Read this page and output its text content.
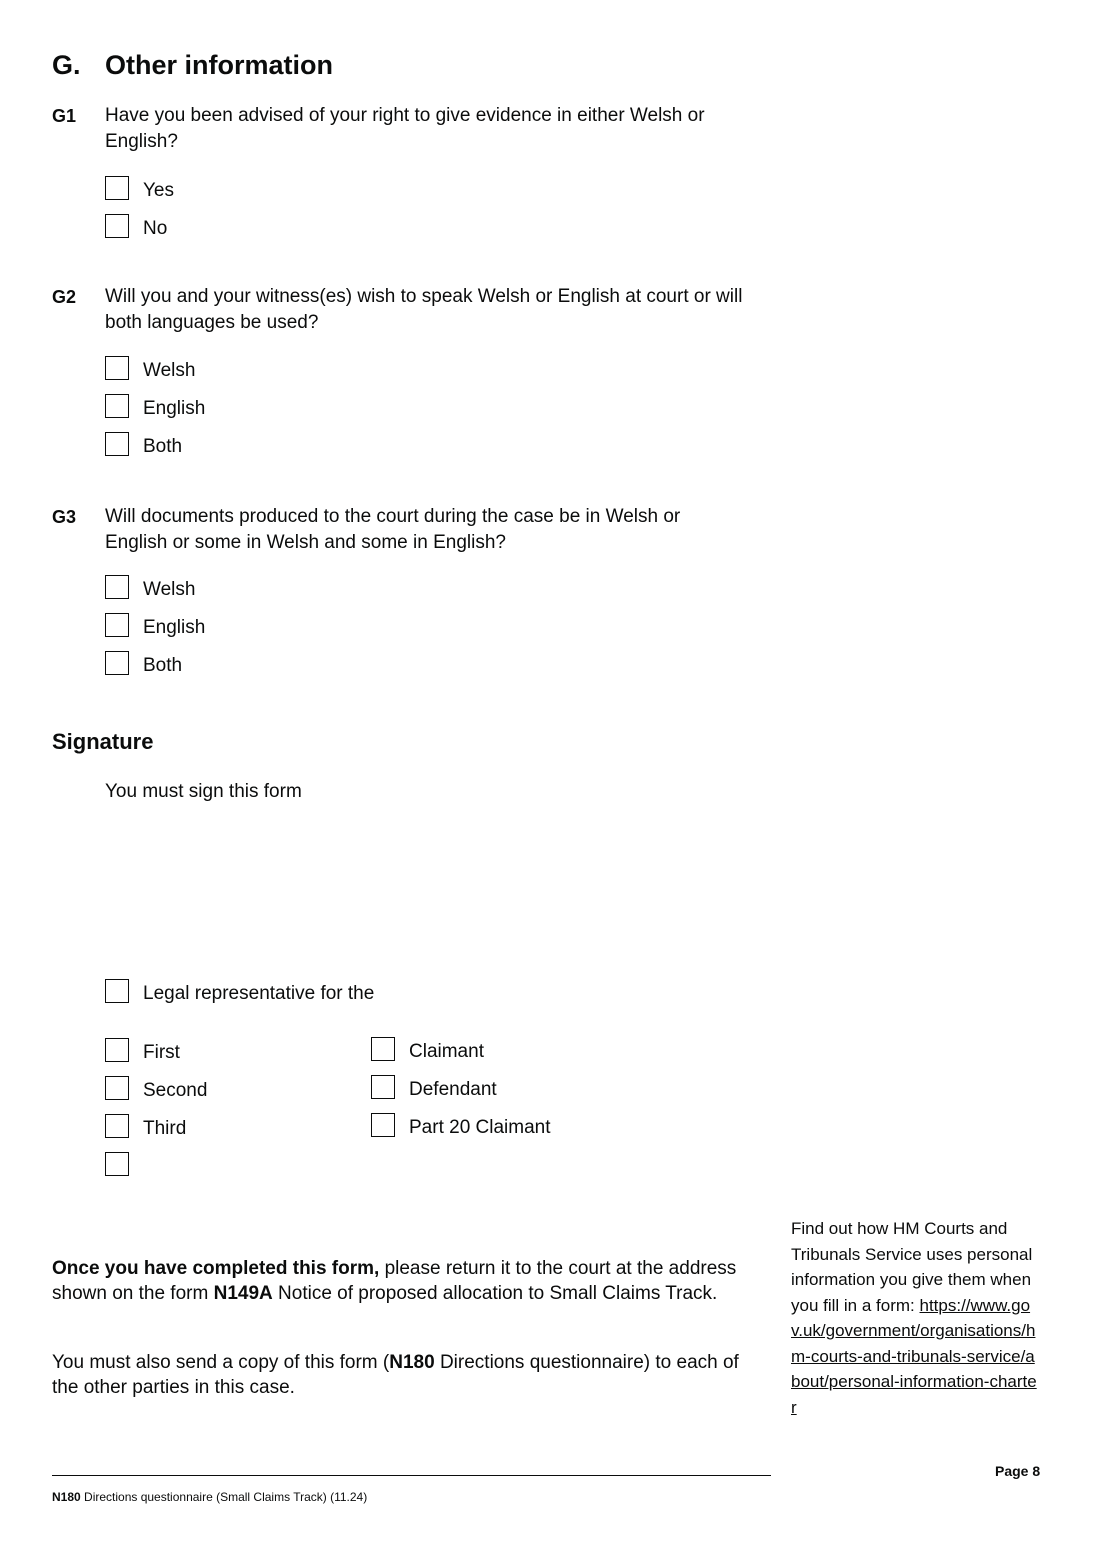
G. Other information
G1 Have you been advised of your right to give evidence in either Welsh or English?
Yes
No
G2 Will you and your witness(es) wish to speak Welsh or English at court or will both languages be used?
Welsh
English
Both
G3 Will documents produced to the court during the case be in Welsh or English or some in Welsh and some in English?
Welsh
English
Both
Signature
You must sign this form
Legal representative for the
First
Second
Third
Claimant
Defendant
Part 20 Claimant
Once you have completed this form, please return it to the court at the address shown on the form N149A Notice of proposed allocation to Small Claims Track.
You must also send a copy of this form (N180 Directions questionnaire) to each of the other parties in this case.
Find out how HM Courts and Tribunals Service uses personal information you give them when you fill in a form: https://www.gov.uk/government/organisations/hm-courts-and-tribunals-service/about/personal-information-charter
Page 8
N180 Directions questionnaire (Small Claims Track) (11.24)
